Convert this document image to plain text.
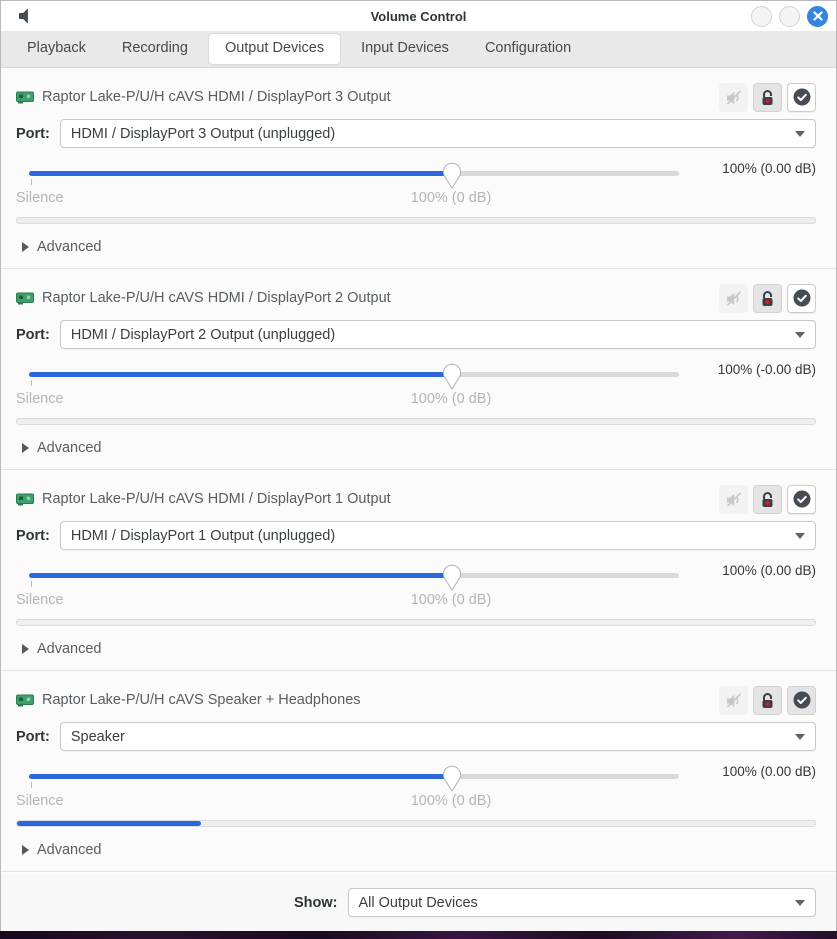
Volume Control
Playback	Recording	Output Devices	Input Devices	Configuration
Raptor Lake-P/U/H cAVS HDMI / DisplayPort 3 Output
Port: HDMI / DisplayPort 3 Output (unplugged)
100% (0.00 dB)
Silence	100% (0 dB)
Advanced
Raptor Lake-P/U/H cAVS HDMI / DisplayPort 2 Output
Port: HDMI / DisplayPort 2 Output (unplugged)
100% (-0.00 dB)
Silence	100% (0 dB)
Advanced
Raptor Lake-P/U/H cAVS HDMI / DisplayPort 1 Output
Port: HDMI / DisplayPort 1 Output (unplugged)
100% (0.00 dB)
Silence	100% (0 dB)
Advanced
Raptor Lake-P/U/H cAVS Speaker + Headphones
Port: Speaker
100% (0.00 dB)
Silence	100% (0 dB)
Advanced
Show: All Output Devices
